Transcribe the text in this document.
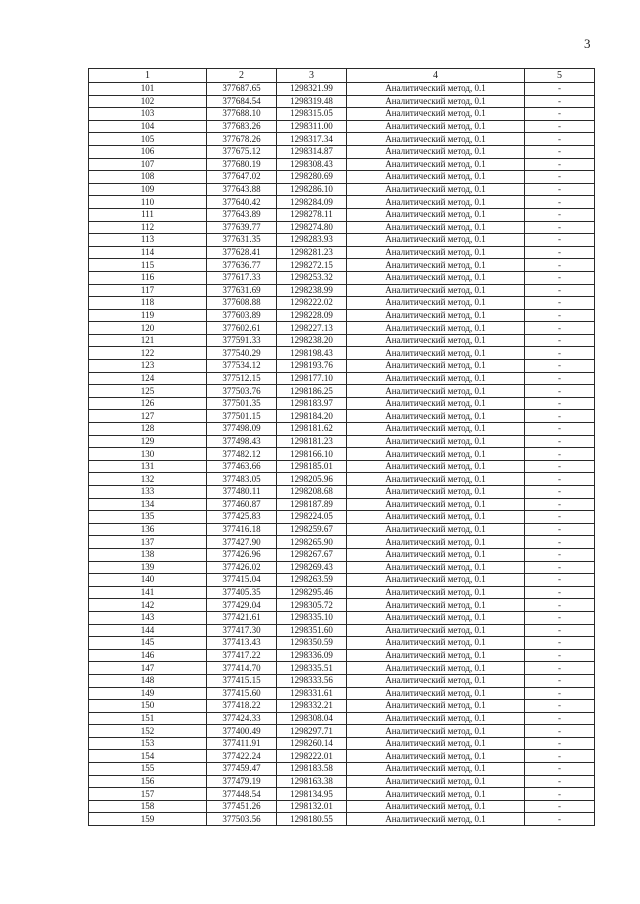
3
1	2	3	4	5
101	377687.65	1298321.99	Аналитический метод, 0.1	-
102	377684.54	1298319.48	Аналитический метод, 0.1	-
103	377688.10	1298315.05	Аналитический метод, 0.1	-
104	377683.26	1298311.00	Аналитический метод, 0.1	-
105	377678.26	1298317.34	Аналитический метод, 0.1	-
106	377675.12	1298314.87	Аналитический метод, 0.1	-
107	377680.19	1298308.43	Аналитический метод, 0.1	-
108	377647.02	1298280.69	Аналитический метод, 0.1	-
109	377643.88	1298286.10	Аналитический метод, 0.1	-
110	377640.42	1298284.09	Аналитический метод, 0.1	-
111	377643.89	1298278.11	Аналитический метод, 0.1	-
112	377639.77	1298274.80	Аналитический метод, 0.1	-
113	377631.35	1298283.93	Аналитический метод, 0.1	-
114	377628.41	1298281.23	Аналитический метод, 0.1	-
115	377636.77	1298272.15	Аналитический метод, 0.1	-
116	377617.33	1298253.32	Аналитический метод, 0.1	-
117	377631.69	1298238.99	Аналитический метод, 0.1	-
118	377608.88	1298222.02	Аналитический метод, 0.1	-
119	377603.89	1298228.09	Аналитический метод, 0.1	-
120	377602.61	1298227.13	Аналитический метод, 0.1	-
121	377591.33	1298238.20	Аналитический метод, 0.1	-
122	377540.29	1298198.43	Аналитический метод, 0.1	-
123	377534.12	1298193.76	Аналитический метод, 0.1	-
124	377512.15	1298177.10	Аналитический метод, 0.1	-
125	377503.76	1298186.25	Аналитический метод, 0.1	-
126	377501.35	1298183.97	Аналитический метод, 0.1	-
127	377501.15	1298184.20	Аналитический метод, 0.1	-
128	377498.09	1298181.62	Аналитический метод, 0.1	-
129	377498.43	1298181.23	Аналитический метод, 0.1	-
130	377482.12	1298166.10	Аналитический метод, 0.1	-
131	377463.66	1298185.01	Аналитический метод, 0.1	-
132	377483.05	1298205.96	Аналитический метод, 0.1	-
133	377480.11	1298208.68	Аналитический метод, 0.1	-
134	377460.87	1298187.89	Аналитический метод, 0.1	-
135	377425.83	1298224.05	Аналитический метод, 0.1	-
136	377416.18	1298259.67	Аналитический метод, 0.1	-
137	377427.90	1298265.90	Аналитический метод, 0.1	-
138	377426.96	1298267.67	Аналитический метод, 0.1	-
139	377426.02	1298269.43	Аналитический метод, 0.1	-
140	377415.04	1298263.59	Аналитический метод, 0.1	-
141	377405.35	1298295.46	Аналитический метод, 0.1	-
142	377429.04	1298305.72	Аналитический метод, 0.1	-
143	377421.61	1298335.10	Аналитический метод, 0.1	-
144	377417.30	1298351.60	Аналитический метод, 0.1	-
145	377413.43	1298350.59	Аналитический метод, 0.1	-
146	377417.22	1298336.09	Аналитический метод, 0.1	-
147	377414.70	1298335.51	Аналитический метод, 0.1	-
148	377415.15	1298333.56	Аналитический метод, 0.1	-
149	377415.60	1298331.61	Аналитический метод, 0.1	-
150	377418.22	1298332.21	Аналитический метод, 0.1	-
151	377424.33	1298308.04	Аналитический метод, 0.1	-
152	377400.49	1298297.71	Аналитический метод, 0.1	-
153	377411.91	1298260.14	Аналитический метод, 0.1	-
154	377422.24	1298222.01	Аналитический метод, 0.1	-
155	377459.47	1298183.58	Аналитический метод, 0.1	-
156	377479.19	1298163.38	Аналитический метод, 0.1	-
157	377448.54	1298134.95	Аналитический метод, 0.1	-
158	377451.26	1298132.01	Аналитический метод, 0.1	-
159	377503.56	1298180.55	Аналитический метод, 0.1	-
